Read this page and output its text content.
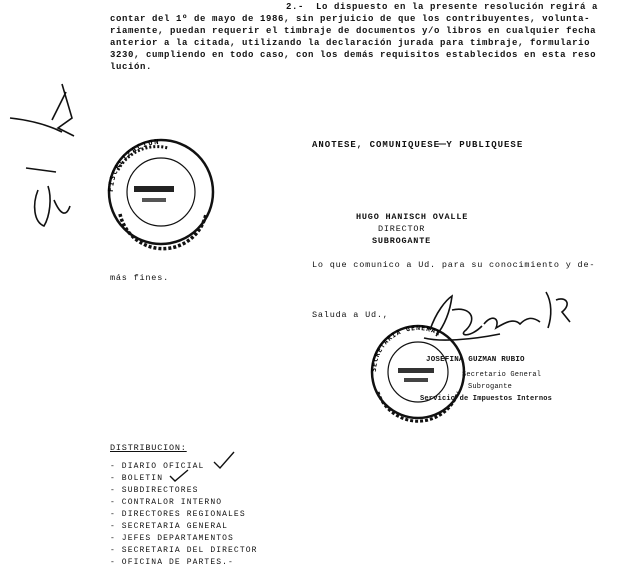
2.-  Lo dispuesto en la presente resolución regirá a
contar del 1º de mayo de 1986, sin perjuicio de que los contribuyentes, volunta-
riamente, puedan requerir el timbraje de documentos y/o libros en cualquier fecha
anterior a la citada, utilizando la declaración jurada para timbraje, formulario
3230, cumpliendo en todo caso, con los demás requisitos establecidos en esta reso
lución.
ANOTESE, COMUNIQUESE Y PUBLIQUESE
HUGO HANISCH OVALLE
DIRECTOR
SUBROGANTE
Lo que comunico a Ud. para su conocimiento y de-
más fines.
Saluda a Ud.,
JOSEFINA GUZMAN RUBIO
Secretario General
Subrogante
Servicio de Impuestos Internos
DISTRIBUCION:
- DIARIO OFICIAL
- BOLETIN
- SUBDIRECTORES
- CONTRALOR INTERNO
- DIRECTORES REGIONALES
- SECRETARIA GENERAL
- JEFES DEPARTAMENTOS
- SECRETARIA DEL DIRECTOR
- OFICINA DE PARTES.-
FISCALIZACION
SECRETARIA GENERAL
